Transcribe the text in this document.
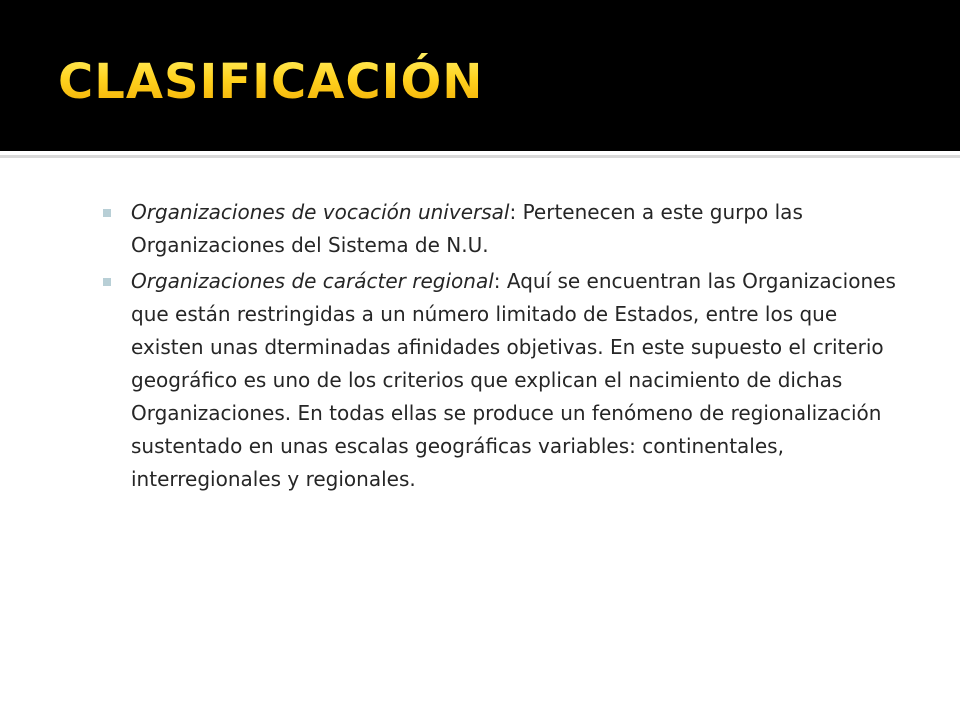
CLASIFICACIÓN
Organizaciones de vocación universal: Pertenecen a este gurpo las Organizaciones del Sistema de N.U.
Organizaciones de carácter regional: Aquí se encuentran las Organizaciones que están restringidas a un número limitado de Estados, entre los que existen unas dterminadas afinidades objetivas. En este supuesto el criterio geográfico es uno de los criterios que explican el nacimiento de dichas Organizaciones. En todas ellas se produce un fenómeno de regionalización sustentado en unas escalas geográficas variables: continentales, interregionales y regionales.
